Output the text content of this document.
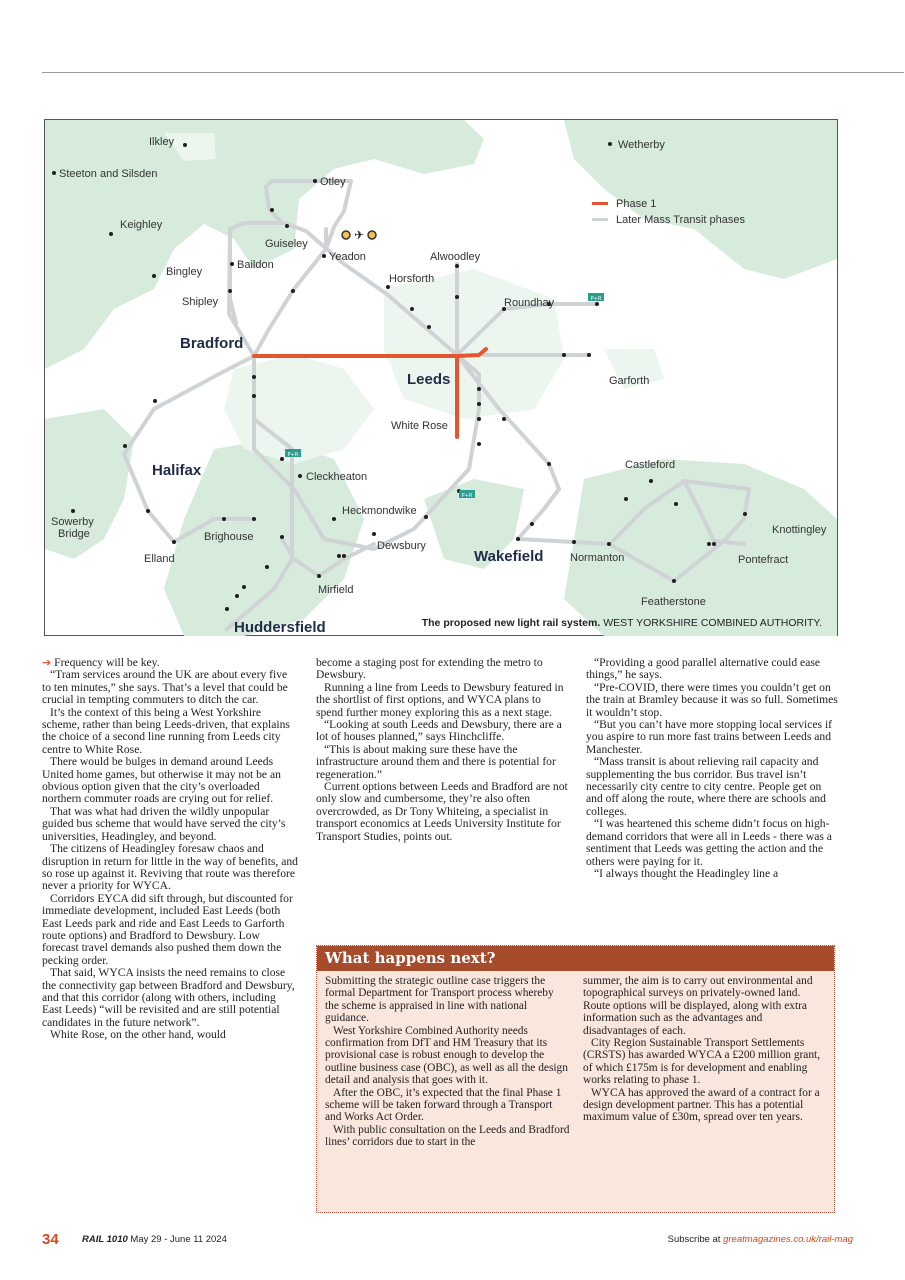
✈
P+R
P+R
P+R
Phase 1
Later Mass Transit phases
Ilkley
Steeton and Silsden
Otley
Wetherby
Keighley
Guiseley
Yeadon
Baildon
Bingley
Shipley
Alwoodley
Horsforth
Roundhay
Bradford
Leeds	Garforth
White Rose
Halifax	Cleckheaton
Castleford
Heckmondwike
Dewsbury
Sowerby
Bridge	Brighouse
Elland	Wakefield Normanton
Knottingley
Pontefract
Mirfield
Featherstone
Huddersfield	The proposed new light rail system. WEST YORKSHIRE COMBINED AUTHORITY.

➔ Frequency will be key.

“Tram services around the UK are about every five to ten minutes,” she says. That’s a level that could be crucial in tempting commuters to ditch the car.

It’s the context of this being a West Yorkshire scheme, rather than being Leeds-driven, that explains the choice of a second line running from Leeds city centre to White Rose.

There would be bulges in demand around Leeds United home games, but otherwise it may not be an obvious option given that the city’s overloaded northern commuter roads are crying out for relief.

That was what had driven the wildly unpopular guided bus scheme that would have served the city’s universities, Headingley, and beyond.

The citizens of Headingley foresaw chaos and disruption in return for little in the way of benefits, and so rose up against it. Reviving that route was therefore never a priority for WYCA.

Corridors EYCA did sift through, but discounted for immediate development, included East Leeds (both East Leeds park and ride and East Leeds to Garforth route options) and Bradford to Dewsbury. Low forecast travel demands also pushed them down the pecking order.

That said, WYCA insists the need remains to close the connectivity gap between Bradford and Dewsbury, and that this corridor (along with others, including East Leeds) “will be revisited and are still potential candidates in the future network”.

White Rose, on the other hand, would

become a staging post for extending the metro to Dewsbury.

Running a line from Leeds to Dewsbury featured in the shortlist of first options, and WYCA plans to spend further money exploring this as a next stage.

“Looking at south Leeds and Dewsbury, there are a lot of houses planned,” says Hinchcliffe.

“This is about making sure these have the infrastructure around them and there is potential for regeneration.”

Current options between Leeds and Bradford are not only slow and cumbersome, they’re also often overcrowded, as Dr Tony Whiteing, a specialist in transport economics at Leeds University Institute for Transport Studies, points out.

“Providing a good parallel alternative could ease things,” he says.

“Pre-COVID, there were times you couldn’t get on the train at Bramley because it was so full. Sometimes it wouldn’t stop.

“But you can’t have more stopping local services if you aspire to run more fast trains between Leeds and Manchester.

“Mass transit is about relieving rail capacity and supplementing the bus corridor. Bus travel isn’t necessarily city centre to city centre. People get on and off along the route, where there are schools and colleges.

“I was heartened this scheme didn’t focus on high-demand corridors that were all in Leeds - there was a sentiment that Leeds was getting the action and the others were paying for it.

“I always thought the Headingley line a

What happens next?

Submitting the strategic outline case triggers the formal Department for Transport process whereby the scheme is appraised in line with national guidance.

West Yorkshire Combined Authority needs confirmation from DfT and HM Treasury that its provisional case is robust enough to develop the outline business case (OBC), as well as all the design detail and analysis that goes with it.

After the OBC, it’s expected that the final Phase 1 scheme will be taken forward through a Transport and Works Act Order.

With public consultation on the Leeds and Bradford lines’ corridors due to start in the

summer, the aim is to carry out environmental and topographical surveys on privately-owned land. Route options will be displayed, along with extra information such as the advantages and disadvantages of each.

City Region Sustainable Transport Settlements (CRSTS) has awarded WYCA a £200 million grant, of which £175m is for development and enabling works relating to phase 1.

WYCA has approved the award of a contract for a design development partner. This has a potential maximum value of £30m, spread over ten years.

34 RAIL 1010 May 29 - June 11 2024	Subscribe at greatmagazines.co.uk/rail-mag
